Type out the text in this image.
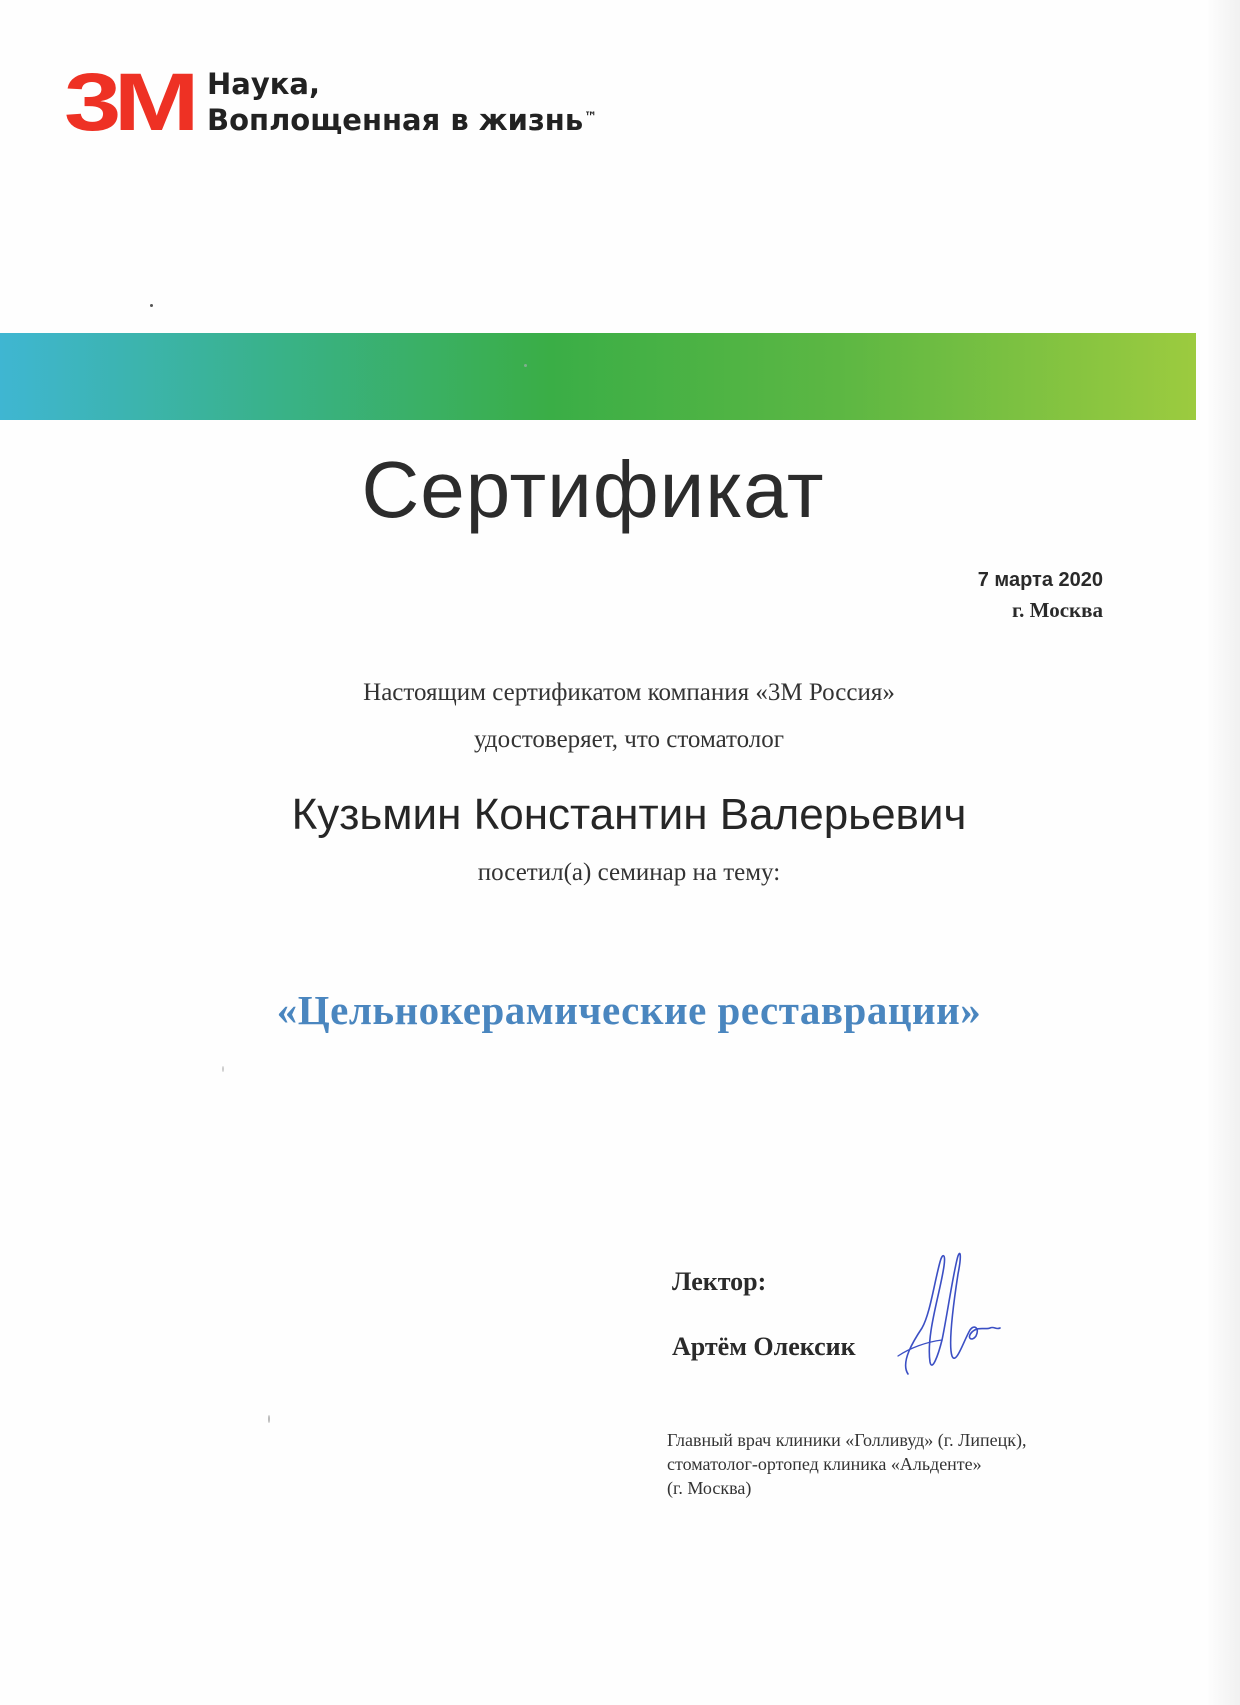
3M Наука,
Воплощенная в жизнь™
Сертификат
7 марта 2020
г. Москва
Настоящим сертификатом компания «3М Россия»
удостоверяет, что стоматолог
Кузьмин Константин Валерьевич
посетил(а) семинар на тему:
«Цельнокерамические реставрации»
Лектор:
Артём Олексик
Главный врач клиники «Голливуд» (г. Липецк),
стоматолог-ортопед клиника «Альденте»
(г. Москва)
